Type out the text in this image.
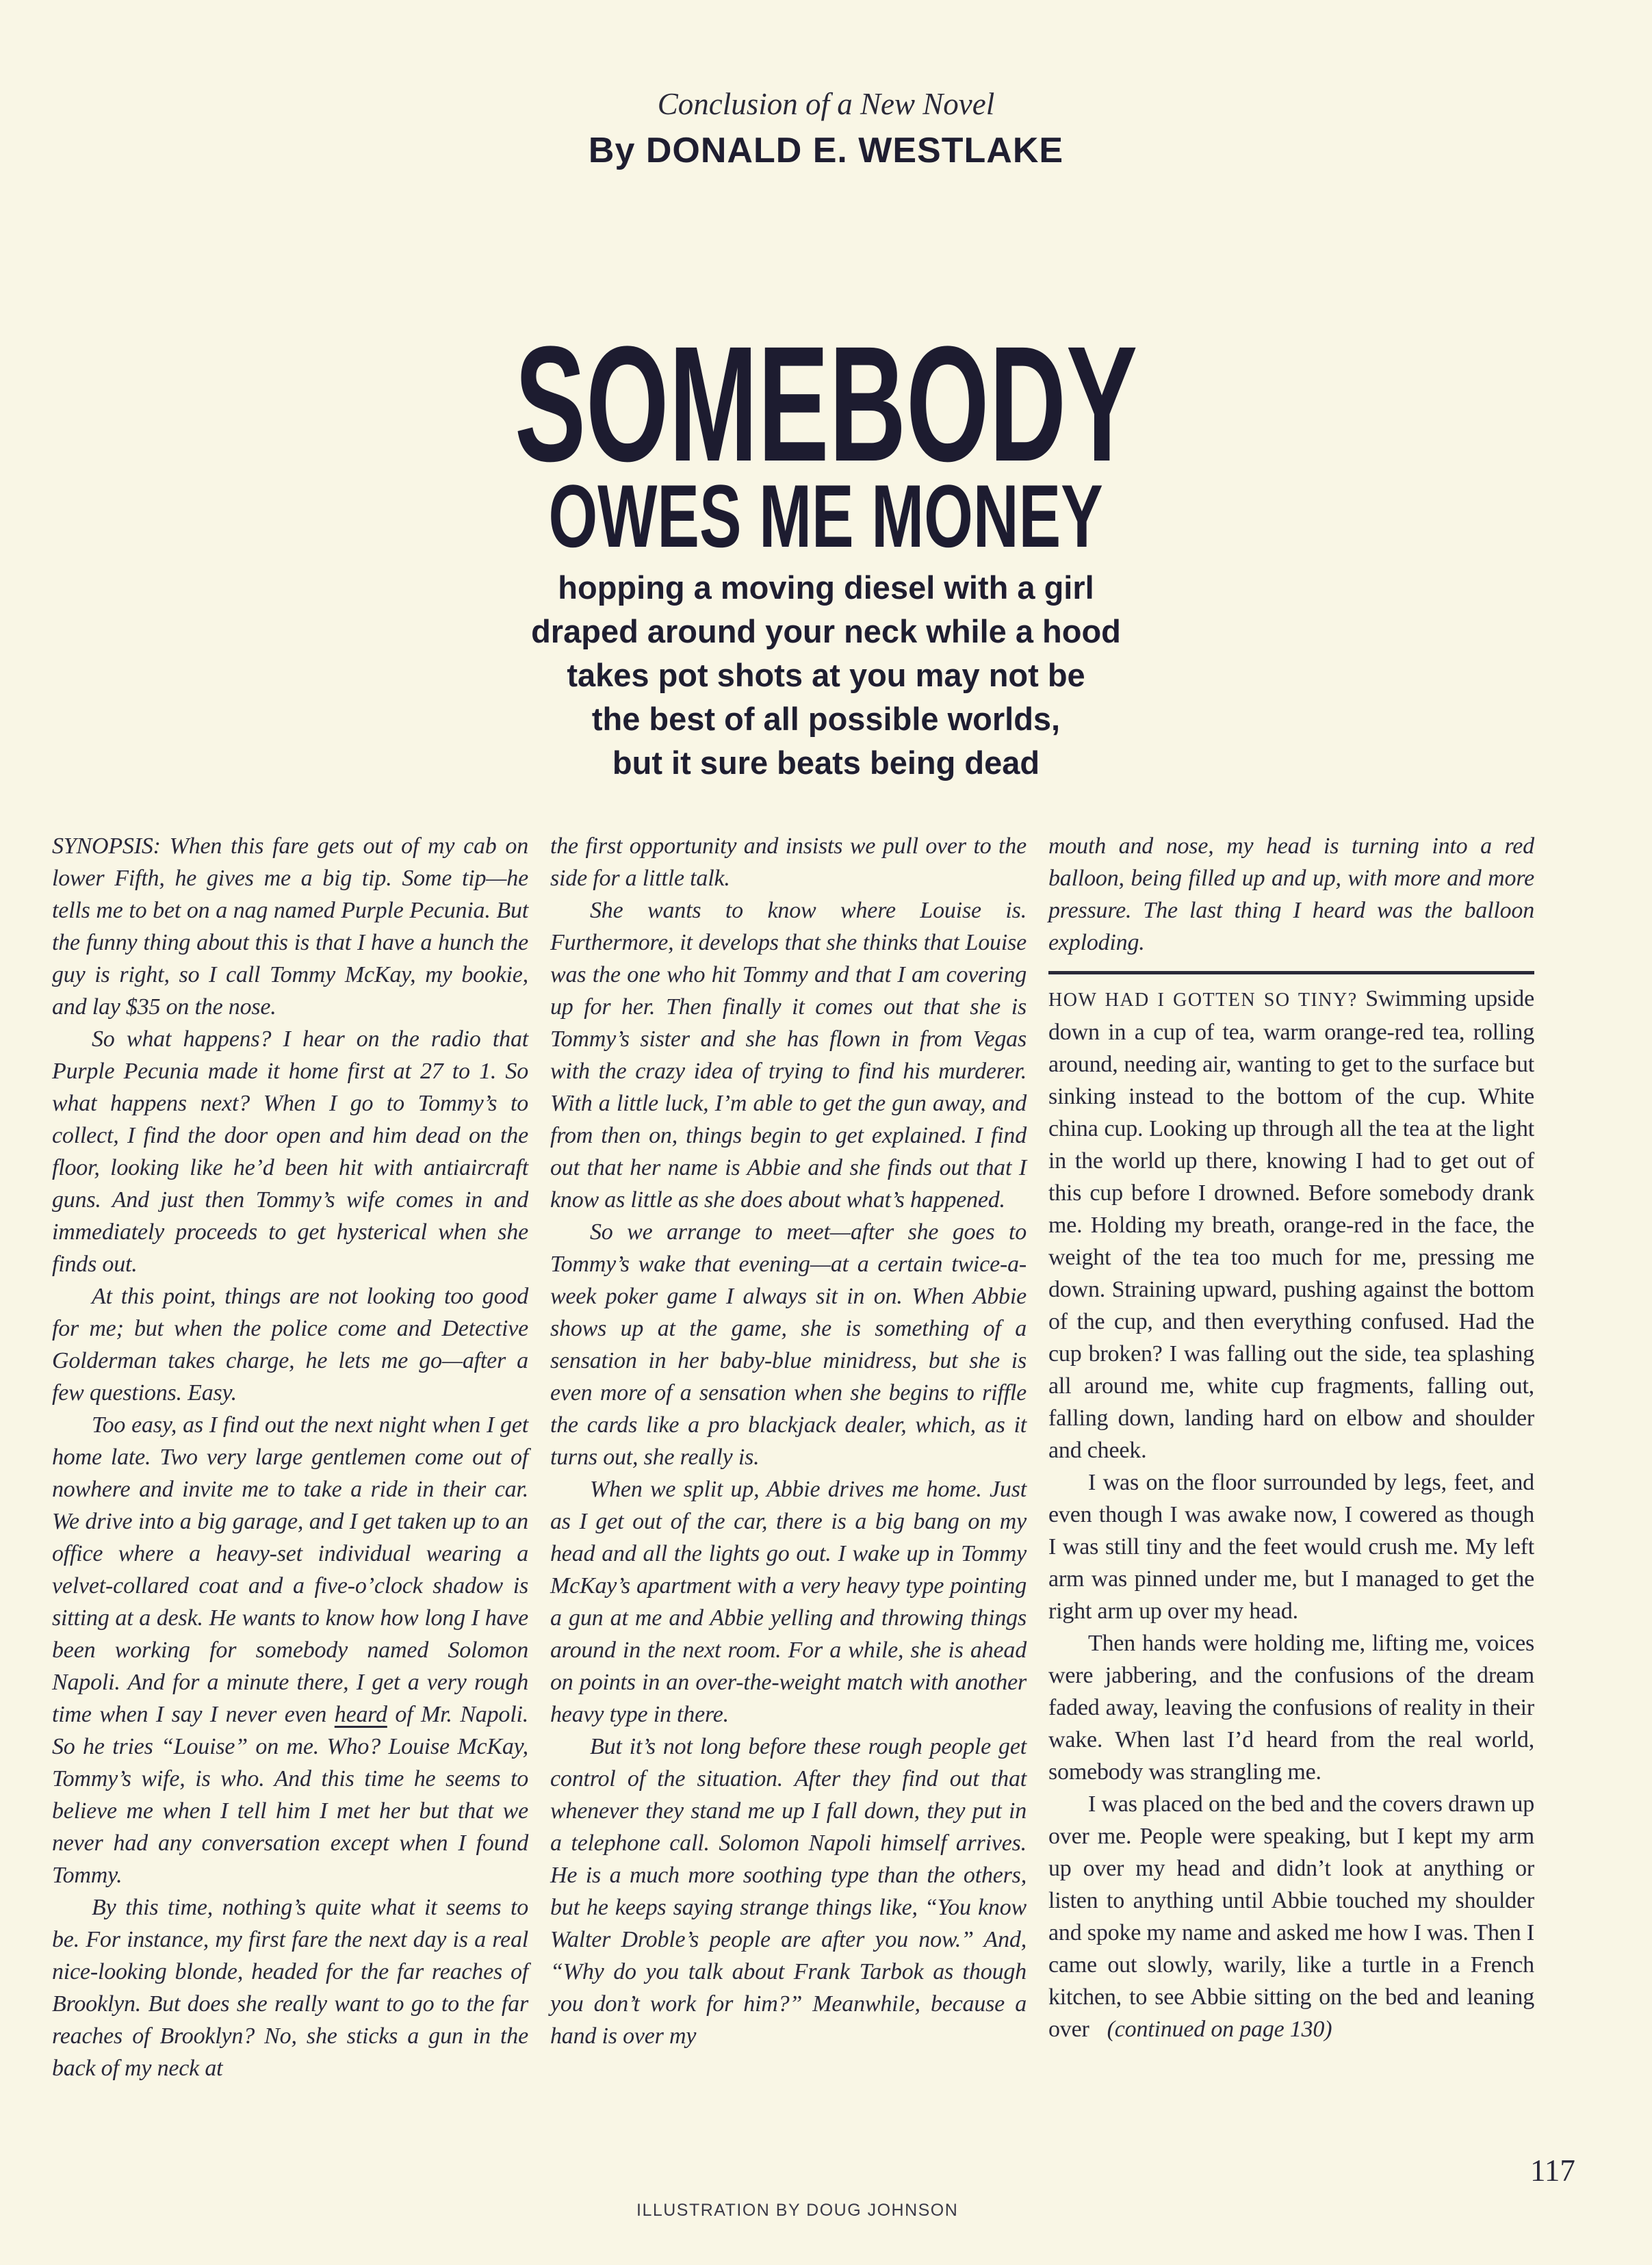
Conclusion of a New Novel
By DONALD E. WESTLAKE
SOMEBODY
OWES ME MONEY
hopping a moving diesel with a girl
draped around your neck while a hood
takes pot shots at you may not be
the best of all possible worlds,
but it sure beats being dead

SYNOPSIS: When this fare gets out of my cab on lower Fifth, he gives me a big tip. Some tip—he tells me to bet on a nag named Purple Pecunia. But the funny thing about this is that I have a hunch the guy is right, so I call Tommy McKay, my bookie, and lay $35 on the nose.

So what happens? I hear on the radio that Purple Pecunia made it home first at 27 to 1. So what happens next? When I go to Tommy’s to collect, I find the door open and him dead on the floor, looking like he’d been hit with antiaircraft guns. And just then Tommy’s wife comes in and immediately proceeds to get hysterical when she finds out.

At this point, things are not looking too good for me; but when the police come and Detective Golderman takes charge, he lets me go—after a few questions. Easy.

Too easy, as I find out the next night when I get home late. Two very large gentlemen come out of nowhere and invite me to take a ride in their car. We drive into a big garage, and I get taken up to an office where a heavy-set individual wearing a velvet-collared coat and a five-o’clock shadow is sitting at a desk. He wants to know how long I have been working for somebody named Solomon Napoli. And for a minute there, I get a very rough time when I say I never even heard of Mr. Napoli. So he tries “Louise” on me. Who? Louise McKay, Tommy’s wife, is who. And this time he seems to believe me when I tell him I met her but that we never had any conversation except when I found Tommy.

By this time, nothing’s quite what it seems to be. For instance, my first fare the next day is a real nice-looking blonde, headed for the far reaches of Brooklyn. But does she really want to go to the far reaches of Brooklyn? No, she sticks a gun in the back of my neck at

the first opportunity and insists we pull over to the side for a little talk.

She wants to know where Louise is. Furthermore, it develops that she thinks that Louise was the one who hit Tommy and that I am covering up for her. Then finally it comes out that she is Tommy’s sister and she has flown in from Vegas with the crazy idea of trying to find his murderer. With a little luck, I’m able to get the gun away, and from then on, things begin to get explained. I find out that her name is Abbie and she finds out that I know as little as she does about what’s happened.

So we arrange to meet—after she goes to Tommy’s wake that evening—at a certain twice-a-week poker game I always sit in on. When Abbie shows up at the game, she is something of a sensation in her baby-blue minidress, but she is even more of a sensation when she begins to riffle the cards like a pro blackjack dealer, which, as it turns out, she really is.

When we split up, Abbie drives me home. Just as I get out of the car, there is a big bang on my head and all the lights go out. I wake up in Tommy McKay’s apartment with a very heavy type pointing a gun at me and Abbie yelling and throwing things around in the next room. For a while, she is ahead on points in an over-the-weight match with another heavy type in there.

But it’s not long before these rough people get control of the situation. After they find out that whenever they stand me up I fall down, they put in a telephone call. Solomon Napoli himself arrives. He is a much more soothing type than the others, but he keeps saying strange things like, “You know Walter Droble’s people are after you now.” And, “Why do you talk about Frank Tarbok as though you don’t work for him?” Meanwhile, because a hand is over my

mouth and nose, my head is turning into a red balloon, being filled up and up, with more and more pressure. The last thing I heard was the balloon exploding.

HOW HAD I GOTTEN SO TINY? Swimming upside down in a cup of tea, warm orange-red tea, rolling around, needing air, wanting to get to the surface but sinking instead to the bottom of the cup. White china cup. Looking up through all the tea at the light in the world up there, knowing I had to get out of this cup before I drowned. Before somebody drank me. Holding my breath, orange-red in the face, the weight of the tea too much for me, pressing me down. Straining upward, pushing against the bottom of the cup, and then everything confused. Had the cup broken? I was falling out the side, tea splashing all around me, white cup fragments, falling out, falling down, landing hard on elbow and shoulder and cheek.

I was on the floor surrounded by legs, feet, and even though I was awake now, I cowered as though I was still tiny and the feet would crush me. My left arm was pinned under me, but I managed to get the right arm up over my head.

Then hands were holding me, lifting me, voices were jabbering, and the confusions of the dream faded away, leaving the confusions of reality in their wake. When last I’d heard from the real world, somebody was strangling me.

I was placed on the bed and the covers drawn up over me. People were speaking, but I kept my arm up over my head and didn’t look at anything or listen to anything until Abbie touched my shoulder and spoke my name and asked me how I was. Then I came out slowly, warily, like a turtle in a French kitchen, to see Abbie sitting on the bed and leaning over (continued on page 130)

ILLUSTRATION BY DOUG JOHNSON
117
